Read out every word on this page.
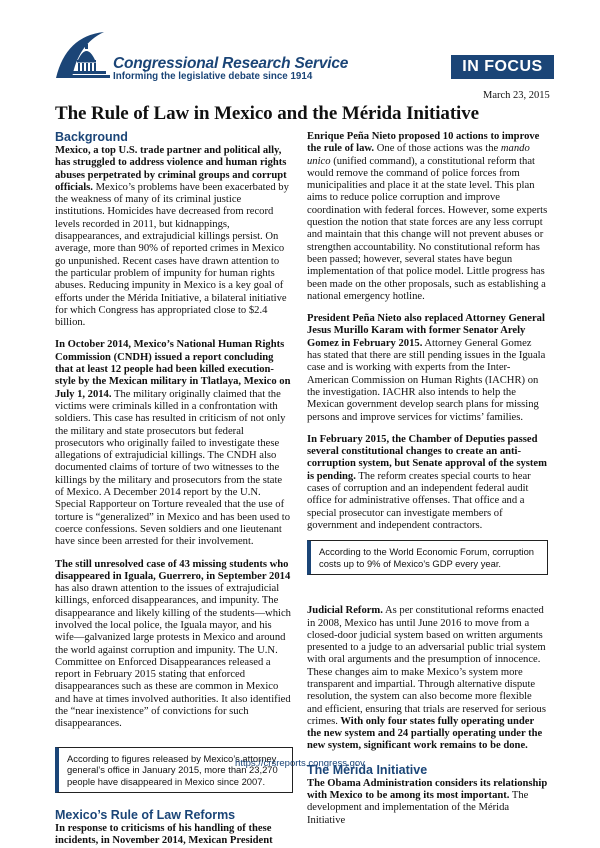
Congressional Research Service
Informing the legislative debate since 1914
IN FOCUS
March 23, 2015
The Rule of Law in Mexico and the Mérida Initiative
Background

Mexico, a top U.S. trade partner and political ally, has struggled to address violence and human rights abuses perpetrated by criminal groups and corrupt officials. Mexico’s problems have been exacerbated by the weakness of many of its criminal justice institutions. Homicides have decreased from record levels recorded in 2011, but kidnappings, disappearances, and extrajudicial killings persist. On average, more than 90% of reported crimes in Mexico go unpunished. Recent cases have drawn attention to the particular problem of impunity for human rights abuses. Reducing impunity in Mexico is a key goal of efforts under the Mérida Initiative, a bilateral initiative for which Congress has appropriated close to $2.4 billion.

In October 2014, Mexico’s National Human Rights Commission (CNDH) issued a report concluding that at least 12 people had been killed execution-style by the Mexican military in Tlatlaya, Mexico on July 1, 2014. The military originally claimed that the victims were criminals killed in a confrontation with soldiers. This case has resulted in criticism of not only the military and state prosecutors but federal prosecutors who originally failed to investigate these allegations of extrajudicial killings. The CNDH also documented claims of torture of two witnesses to the killings by the military and prosecutors from the state of Mexico. A December 2014 report by the U.N. Special Rapporteur on Torture revealed that the use of torture is “generalized” in Mexico and has been used to coerce confessions. Seven soldiers and one lieutenant have since been arrested for their involvement.

The still unresolved case of 43 missing students who disappeared in Iguala, Guerrero, in September 2014 has also drawn attention to the issues of extrajudicial killings, enforced disappearances, and impunity. The disappearance and likely killing of the students—which involved the local police, the Iguala mayor, and his wife—galvanized large protests in Mexico and around the world against corruption and impunity. The U.N. Committee on Enforced Disappearances released a report in February 2015 stating that enforced disappearances such as these are common in Mexico and have at times involved authorities. It also identified the “near inexistence” of convictions for such disappearances.

According to figures released by Mexico’s attorney general’s office in January 2015, more than 23,270 people have disappeared in Mexico since 2007.
Mexico’s Rule of Law Reforms

In response to criticisms of his handling of these incidents, in November 2014, Mexican President

Enrique Peña Nieto proposed 10 actions to improve the rule of law. One of those actions was the mando unico (unified command), a constitutional reform that would remove the command of police forces from municipalities and place it at the state level. This plan aims to reduce police corruption and improve coordination with federal forces. However, some experts question the notion that state forces are any less corrupt and maintain that this change will not prevent abuses or strengthen accountability. No constitutional reform has been passed; however, several states have begun implementation of that police model. Little progress has been made on the other proposals, such as establishing a national emergency hotline.

President Peña Nieto also replaced Attorney General Jesus Murillo Karam with former Senator Arely Gomez in February 2015. Attorney General Gomez has stated that there are still pending issues in the Iguala case and is working with experts from the Inter-American Commission on Human Rights (IACHR) on the investigation. IACHR also intends to help the Mexican government develop search plans for missing persons and improve services for victims’ families.

In February 2015, the Chamber of Deputies passed several constitutional changes to create an anti-corruption system, but Senate approval of the system is pending. The reform creates special courts to hear cases of corruption and an independent federal audit office for administrative offenses. That office and a special prosecutor can investigate members of government and independent contractors.

According to the World Economic Forum, corruption costs up to 9% of Mexico’s GDP every year.

Judicial Reform. As per constitutional reforms enacted in 2008, Mexico has until June 2016 to move from a closed-door judicial system based on written arguments presented to a judge to an adversarial public trial system with oral arguments and the presumption of innocence. These changes aim to make Mexico’s system more transparent and impartial. Through alternative dispute resolution, the system can also become more flexible and efficient, ensuring that trials are reserved for serious crimes. With only four states fully operating under the new system and 24 partially operating under the new system, significant work remains to be done.

The Mérida Initiative

The Obama Administration considers its relationship with Mexico to be among its most important. The development and implementation of the Mérida Initiative

https://crsreports.congress.gov
